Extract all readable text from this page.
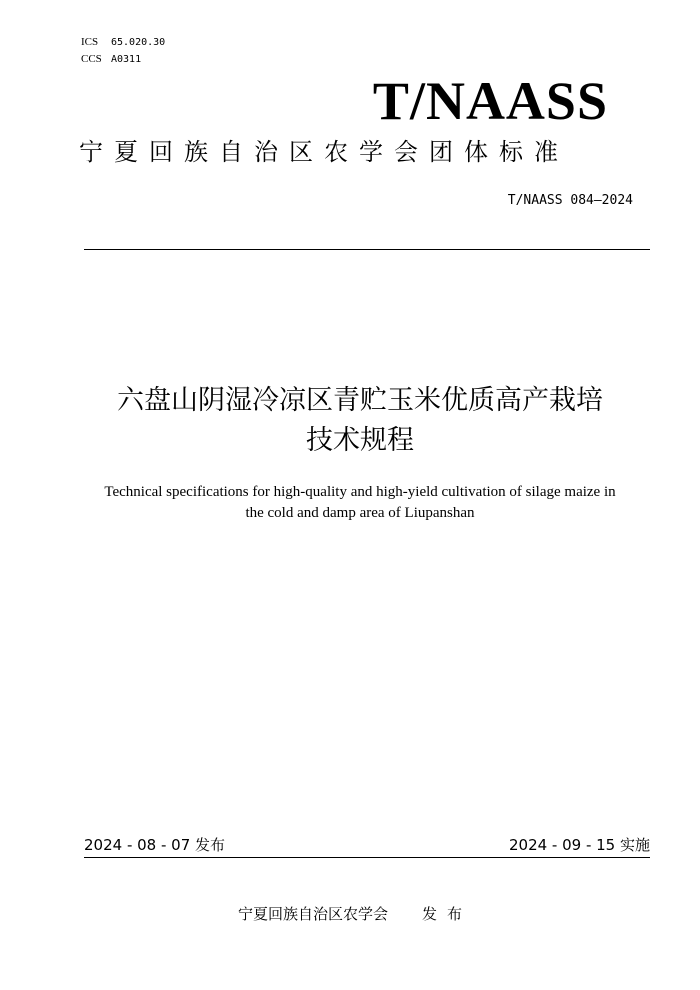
ICS 65.020.30
CCS A0311
T/NAASS
宁夏回族自治区农学会团体标准
T/NAASS 084—2024
六盘山阴湿冷凉区青贮玉米优质高产栽培
技术规程
Technical specifications for high-quality and high-yield cultivation of silage maize in
the cold and damp area of Liupanshan
2024 - 08 - 07 发布	2024 - 09 - 15 实施
宁夏回族自治区农学会 发布
